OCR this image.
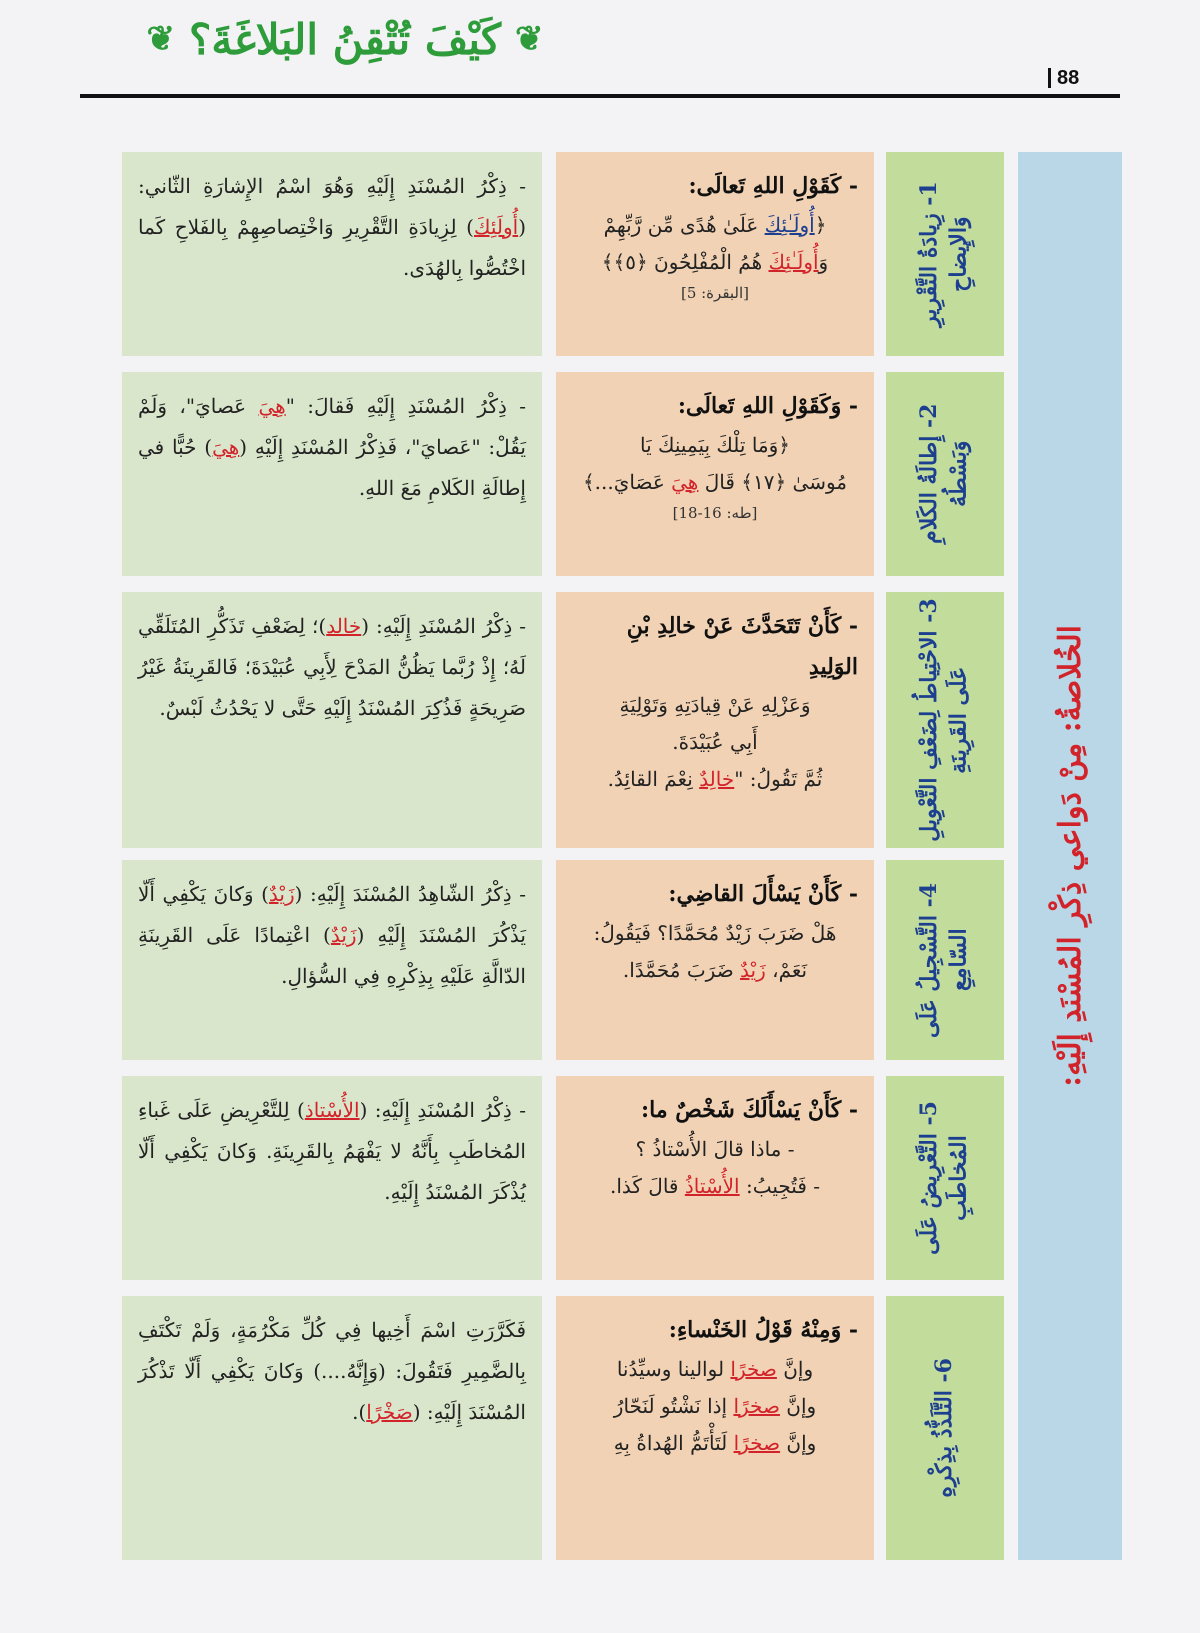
❦
كَيْفَ تُتْقِنُ البَلاغَةَ؟
❦
88
الخُلاصةُ: مِنْ دَواعي ذِكْرِ المُسْنَدِ إِلَيْهِ:
1- زِيادَةُ التَّقْرِيرِ وَالإِيضاحِ

- كَقَوْلِ اللهِ تَعالَى:

﴿أُولَـٰئِكَ عَلَىٰ هُدًى مِّن رَّبِّهِمْ

وَأُولَـٰئِكَ هُمُ الْمُفْلِحُونَ ﴿٥﴾﴾

[البقرة: 5]

- ذِكْرُ المُسْنَدِ إِلَيْهِ وَهُوَ اسْمُ الإِشارَةِ الثّاني: (أُولَئِكَ) لِزِيادَةِ التَّقْرِيرِ وَاخْتِصاصِهِمْ بِالفَلاحِ كَما اخْتُصُّوا بِالهُدَى.

2- إِطالَةُ الكَلامِ وَبَسْطُهُ

- وَكَقَوْلِ اللهِ تَعالَى:

﴿وَمَا تِلْكَ بِيَمِينِكَ يَا

مُوسَىٰ ﴿١٧﴾ قَالَ هِيَ عَصَايَ...﴾

[طه: 16-18]

- ذِكْرُ المُسْنَدِ إِلَيْهِ فَقالَ: "هِيَ عَصايَ"، وَلَمْ يَقُلْ: "عَصايَ"، فَذِكْرُ المُسْنَدِ إِلَيْهِ (هِيَ) حُبًّا في إِطالَةِ الكَلامِ مَعَ اللهِ.

3- الاحْتِياطُ لِضَعْفِ التَّعْوِيلِ عَلَى القَرِينَةِ

- كَأَنْ تَتَحَدَّثَ عَنْ خالِدِ بْنِ الوَلِيدِ

وَعَزْلِهِ عَنْ قِيادَتِهِ وَتَوْلِيَةِ

أَبِي عُبَيْدَةَ.

ثُمَّ تَقُولُ: "خالِدٌ نِعْمَ القائِدُ.

- ذِكْرُ المُسْنَدِ إِلَيْهِ: (خالد)؛ لِضَعْفِ تَذَكُّرِ المُتَلَقِّي لَهُ؛ إِذْ رُبَّما يَظُنُّ المَدْحَ لِأَبِي عُبَيْدَةَ؛ فَالقَرِينَةُ غَيْرُ صَرِيحَةٍ فَذُكِرَ المُسْنَدُ إِلَيْهِ حَتَّى لا يَحْدُثُ لَبْسٌ.

4- التَّسْجِيلُ عَلَى السّامِعِ

- كَأَنْ يَسْأَلَ القاضِي:

هَلْ ضَرَبَ زَيْدٌ مُحَمَّدًا؟ فَيَقُولُ:

نَعَمْ، زَيْدٌ ضَرَبَ مُحَمَّدًا.

- ذِكْرُ الشّاهِدُ المُسْنَدَ إِلَيْهِ: (زَيْدٌ) وَكانَ يَكْفِي أَلّا يَذْكُرَ المُسْنَدَ إِلَيْهِ (زَيْدٌ) اعْتِمادًا عَلَى القَرِينَةِ الدّالَّةِ عَلَيْهِ بِذِكْرِهِ فِي السُّؤالِ.

5- التَّعْرِيضُ عَلَى المُخاطَبِ

- كَأَنْ يَسْأَلَكَ شَخْصٌ ما:

- ماذا قالَ الأُسْتاذُ ؟

- فَتُجِيبُ: الأُسْتاذُ قالَ كَذا.

- ذِكْرُ المُسْنَدِ إِلَيْهِ: (الأُسْتاذ) لِلتَّعْرِيضِ عَلَى غَباءِ المُخاطَبِ بِأَنَّهُ لا يَفْهَمُ بِالقَرِينَةِ. وَكانَ يَكْفِي أَلّا يُذْكَرَ المُسْنَدُ إِلَيْهِ.

6- التَّلَذُّذُ بِذِكْرِهِ

- وَمِنْهُ قَوْلُ الخَنْساءِ:

وإنَّ صخرًا لوالينا وسيِّدُنا

وإنَّ صخرًا إذا نَشْتُو لَنَحّارُ

وإنَّ صخرًا لَتَأْتَمُّ الهُداةُ بِهِ

فَكَرَّرَتِ اسْمَ أَخِيها فِي كُلِّ مَكْرُمَةٍ، وَلَمْ تَكْتَفِ بِالضَّمِيرِ فَتَقُولَ: (وَإِنَّهُ....) وَكانَ يَكْفِي أَلّا تَذْكُرَ المُسْنَدَ إِلَيْهِ: (صَخْرًا).
